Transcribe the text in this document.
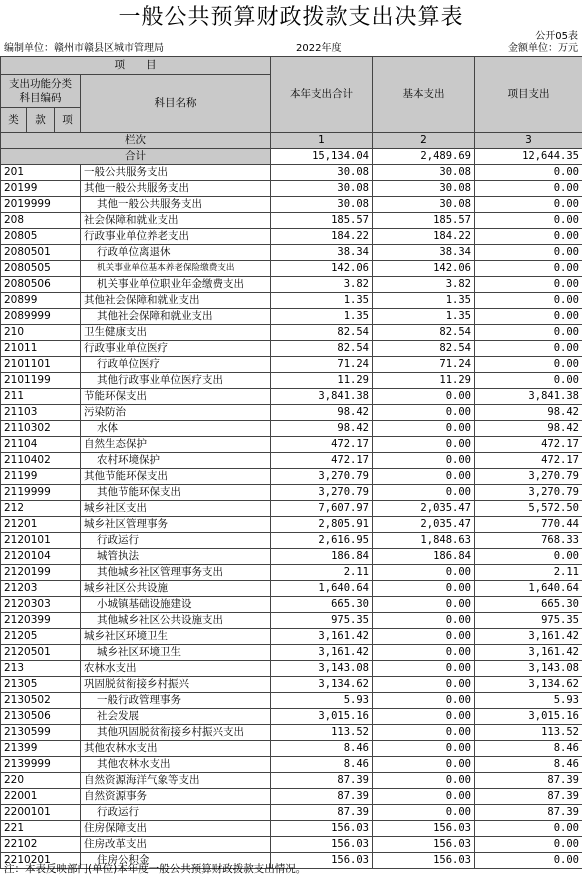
一般公共预算财政拨款支出决算表
公开05表
编制单位：赣州市赣县区城市管理局	2022年度	金额单位：万元
项　　目				本年支出合计	基本支出	项目支出
支出功能分类科目编码			科目名称			
类	款	项				
栏次				1	2	3
合计				15,134.04	2,489.69	12,644.35
201			一般公共服务支出	30.08	30.08	0.00
20199			其他一般公共服务支出	30.08	30.08	0.00
2019999			其他一般公共服务支出	30.08	30.08	0.00
208			社会保障和就业支出	185.57	185.57	0.00
20805			行政事业单位养老支出	184.22	184.22	0.00
2080501			行政单位离退休	38.34	38.34	0.00
2080505			机关事业单位基本养老保险缴费支出	142.06	142.06	0.00
2080506			机关事业单位职业年金缴费支出	3.82	3.82	0.00
20899			其他社会保障和就业支出	1.35	1.35	0.00
2089999			其他社会保障和就业支出	1.35	1.35	0.00
210			卫生健康支出	82.54	82.54	0.00
21011			行政事业单位医疗	82.54	82.54	0.00
2101101			行政单位医疗	71.24	71.24	0.00
2101199			其他行政事业单位医疗支出	11.29	11.29	0.00
211			节能环保支出	3,841.38	0.00	3,841.38
21103			污染防治	98.42	0.00	98.42
2110302			水体	98.42	0.00	98.42
21104			自然生态保护	472.17	0.00	472.17
2110402			农村环境保护	472.17	0.00	472.17
21199			其他节能环保支出	3,270.79	0.00	3,270.79
2119999			其他节能环保支出	3,270.79	0.00	3,270.79
212			城乡社区支出	7,607.97	2,035.47	5,572.50
21201			城乡社区管理事务	2,805.91	2,035.47	770.44
2120101			行政运行	2,616.95	1,848.63	768.33
2120104			城管执法	186.84	186.84	0.00
2120199			其他城乡社区管理事务支出	2.11	0.00	2.11
21203			城乡社区公共设施	1,640.64	0.00	1,640.64
2120303			小城镇基础设施建设	665.30	0.00	665.30
2120399			其他城乡社区公共设施支出	975.35	0.00	975.35
21205			城乡社区环境卫生	3,161.42	0.00	3,161.42
2120501			城乡社区环境卫生	3,161.42	0.00	3,161.42
213			农林水支出	3,143.08	0.00	3,143.08
21305			巩固脱贫衔接乡村振兴	3,134.62	0.00	3,134.62
2130502			一般行政管理事务	5.93	0.00	5.93
2130506			社会发展	3,015.16	0.00	3,015.16
2130599			其他巩固脱贫衔接乡村振兴支出	113.52	0.00	113.52
21399			其他农林水支出	8.46	0.00	8.46
2139999			其他农林水支出	8.46	0.00	8.46
220			自然资源海洋气象等支出	87.39	0.00	87.39
22001			自然资源事务	87.39	0.00	87.39
2200101			行政运行	87.39	0.00	87.39
221			住房保障支出	156.03	156.03	0.00
22102			住房改革支出	156.03	156.03	0.00
2210201			住房公积金	156.03	156.03	0.00
注：本表反映部门(单位)本年度一般公共预算财政拨款支出情况。
